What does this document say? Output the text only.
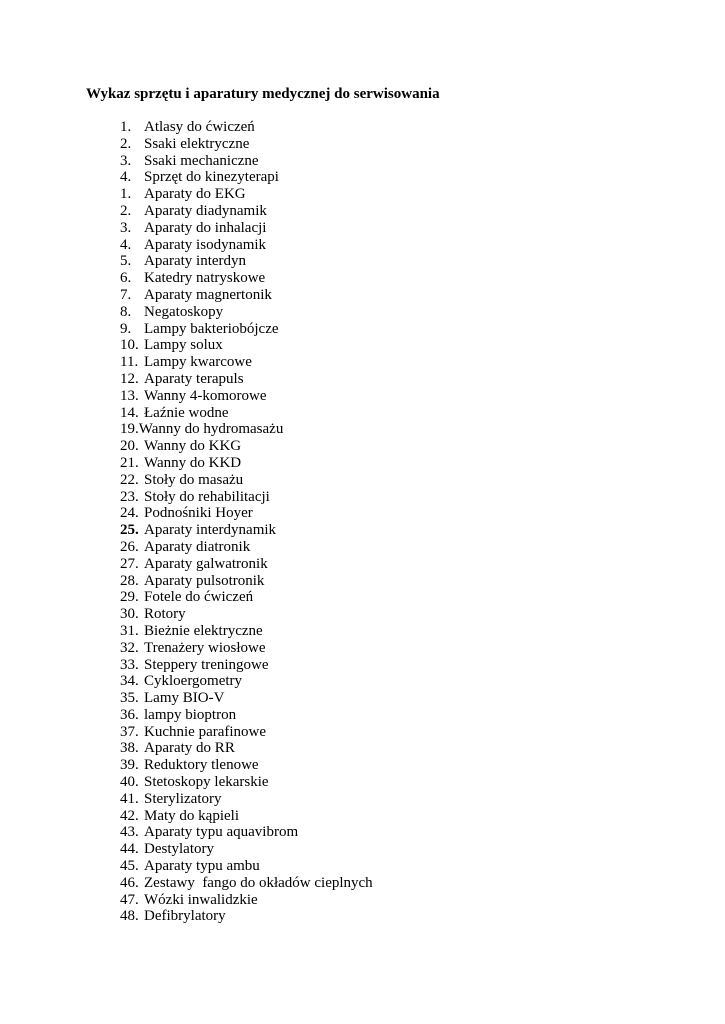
Wykaz sprzętu i aparatury medycznej do serwisowania
1. Atlasy do ćwiczeń
2. Ssaki elektryczne
3. Ssaki mechaniczne
4. Sprzęt do kinezyterapi
1. Aparaty do EKG
2. Aparaty diadynamik
3. Aparaty do inhalacji
4. Aparaty isodynamik
5. Aparaty interdyn
6. Katedry natryskowe
7. Aparaty magnertonik
8. Negatoskopy
9. Lampy bakteriobójcze
10. Lampy solux
11. Lampy kwarcowe
12. Aparaty terapuls
13. Wanny 4-komorowe
14. Łaźnie wodne
19.Wanny do hydromasażu
20. Wanny do KKG
21. Wanny do KKD
22. Stoły do masażu
23. Stoły do rehabilitacji
24. Podnośniki Hoyer
25. Aparaty interdynamik
26. Aparaty diatronik
27. Aparaty galwatronik
28. Aparaty pulsotronik
29. Fotele do ćwiczeń
30. Rotory
31. Bieżnie elektryczne
32. Trenażery wiosłowe
33. Steppery treningowe
34. Cykloergometry
35. Lamy BIO-V
36. lampy bioptron
37. Kuchnie parafinowe
38. Aparaty do RR
39. Reduktory tlenowe
40. Stetoskopy lekarskie
41. Sterylizatory
42. Maty do kąpieli
43. Aparaty typu aquavibrom
44. Destylatory
45. Aparaty typu ambu
46. Zestawy  fango do okładów cieplnych
47. Wózki inwalidzkie
48. Defibrylatory
